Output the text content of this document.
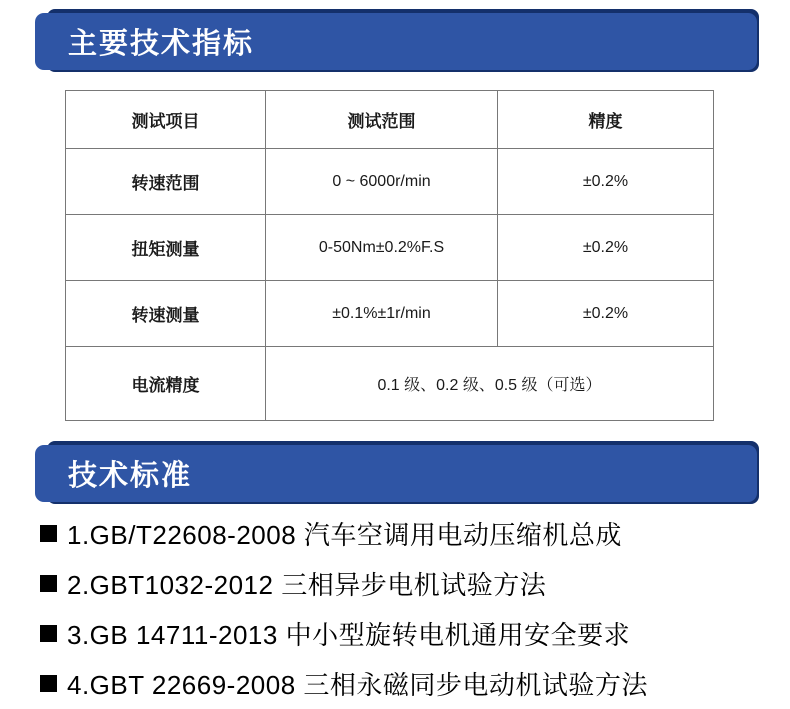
主要技术指标
测试项目	测试范围	精度
转速范围	0 ~ 6000r/min	±0.2%
扭矩测量	0-50Nm±0.2%F.S	±0.2%
转速测量	±0.1%±1r/min	±0.2%
电流精度	0.1 级、0.2 级、0.5 级（可选）	
技术标准
1.GB/T22608-2008 汽车空调用电动压缩机总成
2.GBT1032-2012 三相异步电机试验方法
3.GB 14711-2013 中小型旋转电机通用安全要求
4.GBT 22669-2008 三相永磁同步电动机试验方法
